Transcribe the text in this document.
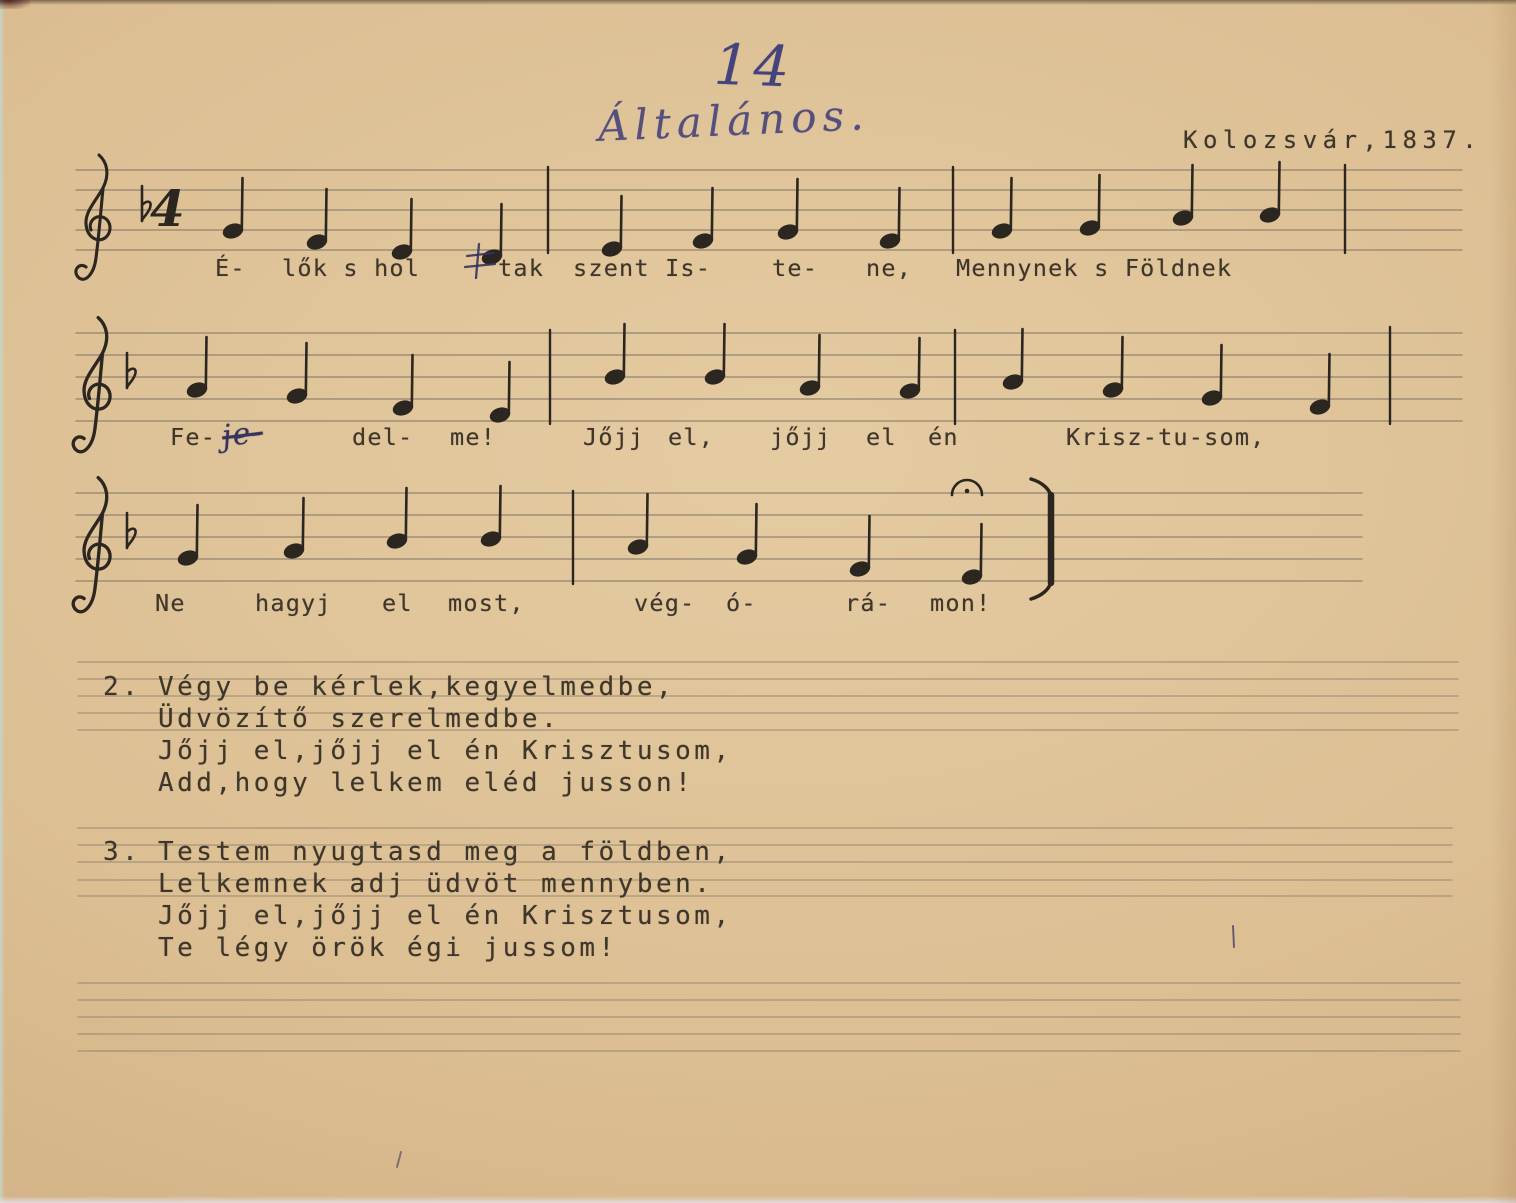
4
14
Általános.	Kolozsvár,1837.
É- lők s hol	tak szent Is-	te- ne, Mennynek s Földnek
Fe- je-	del- me!	Jőjj el, jőjj el én	Krisz-tu-som,
Ne	hagyj el most,	vég- ó-	rá- mon!
2. Végy be kérlek,kegyelmedbe,
Üdvözítő szerelmedbe.
Jőjj el,jőjj el én Krisztusom,
Add,hogy lelkem eléd jusson!
3. Testem nyugtasd meg a földben,
Lelkemnek adj üdvöt mennyben.
Jőjj el,jőjj el én Krisztusom,
Te légy örök égi jussom!
